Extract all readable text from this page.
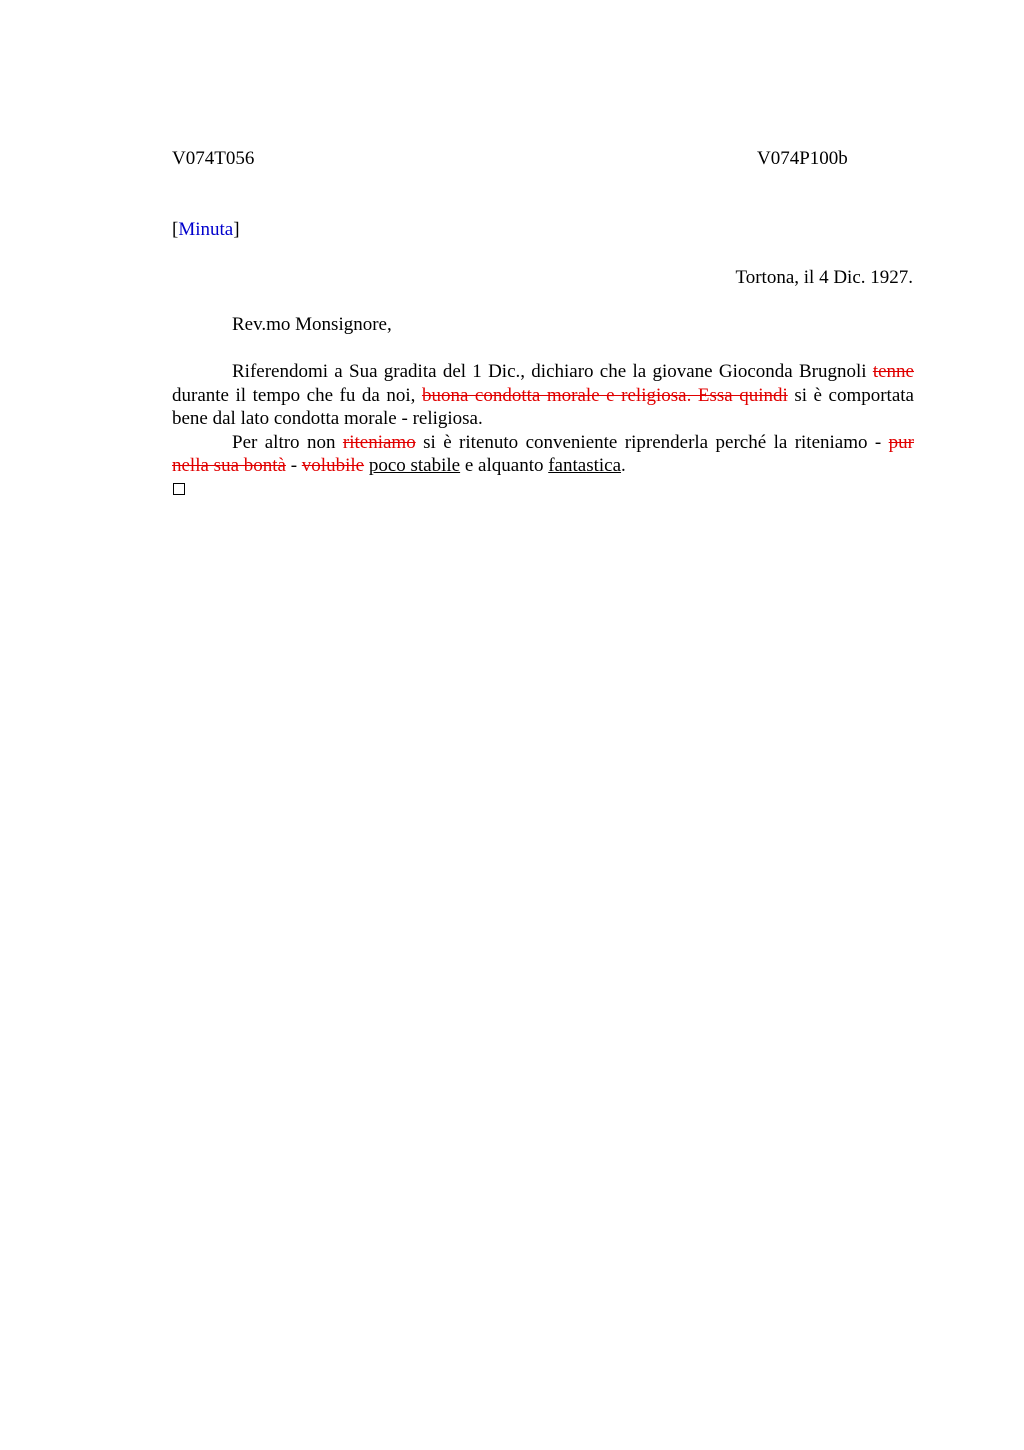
V074T056	V074P100b
[Minuta]
Tortona, il 4 Dic. 1927.
Rev.mo Monsignore,

Riferendomi a Sua gradita del 1 Dic., dichiaro che la giovane Gioconda Brugnoli tenne durante il tempo che fu da noi, buona condotta morale e religiosa. Essa quindi si è comportata bene dal lato condotta morale - religiosa.

Per altro non riteniamo si è ritenuto conveniente riprenderla perché la riteniamo - pur nella sua bontà - volubile poco stabile e alquanto fantastica.
